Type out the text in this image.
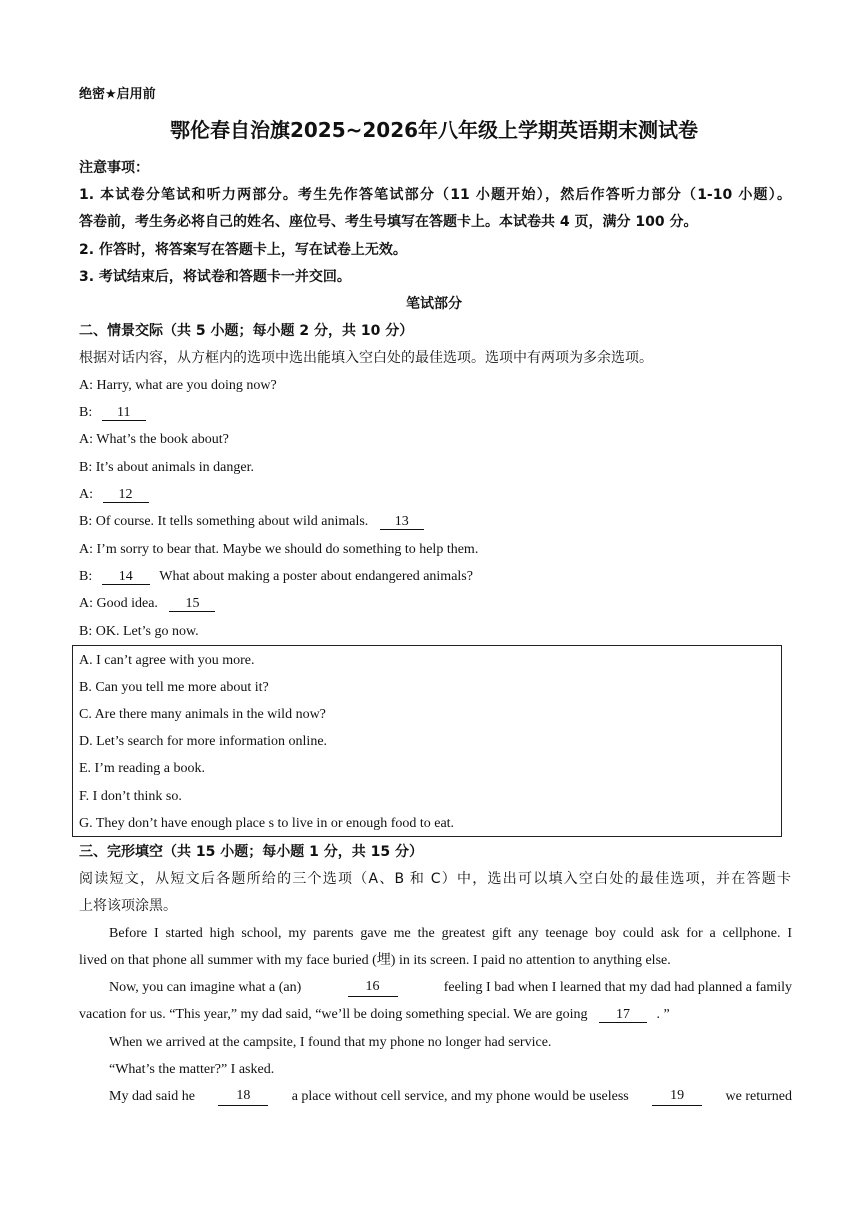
绝密★启用前
鄂伦春自治旗2025~2026年八年级上学期英语期末测试卷
注意事项：
1. 本试卷分笔试和听力两部分。考生先作答笔试部分（11 小题开始），然后作答听力部分（1-10 小题）。
答卷前，考生务必将自己的姓名、座位号、考生号填写在答题卡上。本试卷共 4 页，满分 100 分。
2. 作答时，将答案写在答题卡上，写在试卷上无效。
3. 考试结束后，将试卷和答题卡一并交回。
笔试部分
二、情景交际（共 5 小题；每小题 2 分，共 10 分）
根据对话内容，从方框内的选项中选出能填入空白处的最佳选项。选项中有两项为多余选项。
A: Harry, what are you doing now?
B: 11
A: What’s the book about?
B: It’s about animals in danger.
A: 12
B: Of course. It tells something about wild animals. 13
A: I’m sorry to bear that. Maybe we should do something to help them.
B: 14 What about making a poster about endangered animals?
A: Good idea. 15
B: OK. Let’s go now.
A. I can’t agree with you more.
B. Can you tell me more about it?
C. Are there many animals in the wild now?
D. Let’s search for more information online.
E. I’m reading a book.
F. I don’t think so.
G. They don’t have enough place s to live in or enough food to eat.
三、完形填空（共 15 小题；每小题 1 分，共 15 分）
阅读短文，从短文后各题所给的三个选项（A、B 和 C）中，选出可以填入空白处的最佳选项，并在答题卡
上将该项涂黑。
Before I started high school, my parents gave me the greatest gift any teenage boy could ask for a cellphone. I
lived on that phone all summer with my face buried (埋) in its screen. I paid no attention to anything else.
Now, you can imagine what a (an)	16	feeling I bad when I learned that my dad had planned a family
vacation for us. “This year,” my dad said, “we’ll be doing something special. We are going 17 . ”
When we arrived at the campsite, I found that my phone no longer had service.
“What’s the matter?” I asked.
My dad said he	18	a place without cell service, and my phone would be useless	19	we returned
